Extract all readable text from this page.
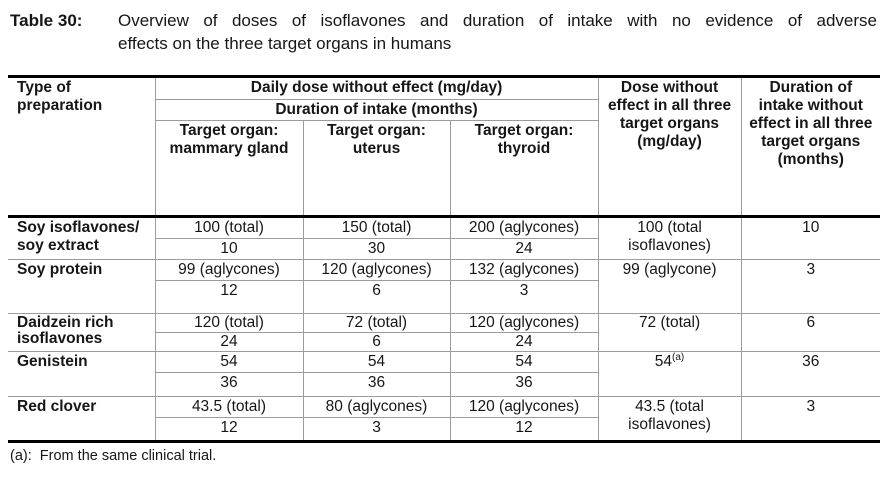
Table 30:	Overview of doses of isoflavones and duration of intake with no evidence of adverse
effects on the three target organs in humans
Type of preparation	Daily dose without effect (mg/day)			Dose without effect in all three target organs (mg/day)	Duration of intake without effect in all three target organs (months)
	Duration of intake (months)				
	Target organ: mammary gland	Target organ: uterus	Target organ: thyroid		
Soy isoflavones/ soy extract	100 (total)	150 (total)	200 (aglycones)	100 (total isoflavones)	10
	10	30	24		
Soy protein	99 (aglycones)	120 (aglycones)	132 (aglycones)	99 (aglycone)	3
	12	6	3		
Daidzein rich isoflavones	120 (total)	72 (total)	120 (aglycones)	72 (total)	6
	24	6	24		
Genistein	54	54	54	54$^{(a)}$	36
	36	36	36		
Red clover	43.5 (total)	80 (aglycones)	120 (aglycones)	43.5 (total isoflavones)	3
	12	3	12		
(a):  From the same clinical trial.
